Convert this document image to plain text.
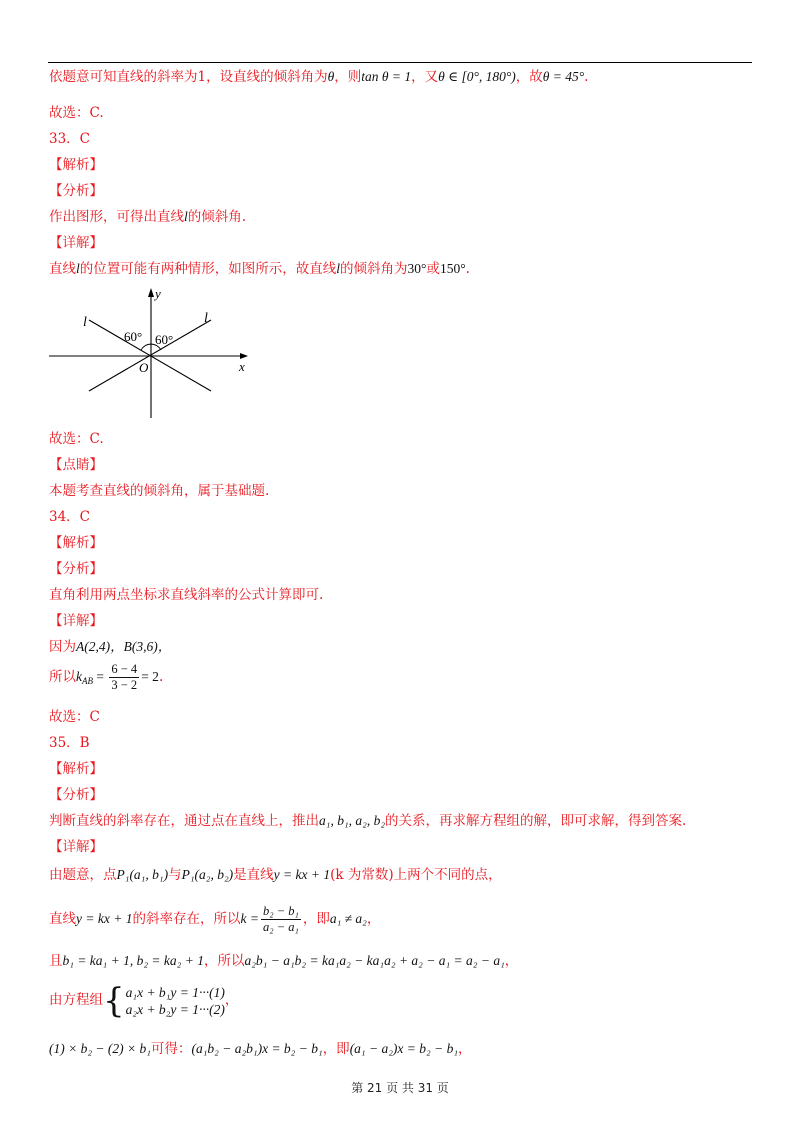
依题意可知直线的斜率为1，设直线的倾斜角为θ，则tan θ = 1，又θ ∈ [0°, 180°)，故θ = 45°.
故选：C.
33．C
【解析】
【分析】
作出图形，可得出直线l的倾斜角.
【详解】
直线l的位置可能有两种情形，如图所示，故直线l的倾斜角为30°或150°.
60° 60°
l	l
y
x
O
故选：C.
【点睛】
本题考查直线的倾斜角，属于基础题.
34．C
【解析】
【分析】
直角利用两点坐标求直线斜率的公式计算即可.
【详解】
因为A(2,4)，B(3,6)，
所以$k_{AB} = \frac{6 - 4}{3 - 2} = 2$.
故选：C
35．B
【解析】
【分析】
判断直线的斜率存在，通过点在直线上，推出a₁, b₁, a₂, b₂的关系，再求解方程组的解，即可求解，得到答案.
【详解】
由题意，点P₁(a₁, b₁)与P₁(a₂, b₂)是直线y = kx + 1(k 为常数)上两个不同的点，
直线y = kx + 1的斜率存在，所以$k = \frac{\text{b₂ − b₁}}{\text{a₂ − a₁}}$ ，即a₁ ≠ a₂，
且b₁ = ka₁ + 1, b₂ = ka₂ + 1，所以a₂b₁ − a₁b₂ = ka₁a₂ − ka₁a₂ + a₂ − a₁ = a₂ − a₁，
由方程组{ a₁x + b₁y = 1···(1)
a₂x + b₂y = 1···(2)
，
(1) × b₂ − (2) × b₁可得：(a₁b₂ − a₂b₁)x = b₂ − b₁，即(a₁ − a₂)x = b₂ − b₁，
第 21 页 共 31 页
